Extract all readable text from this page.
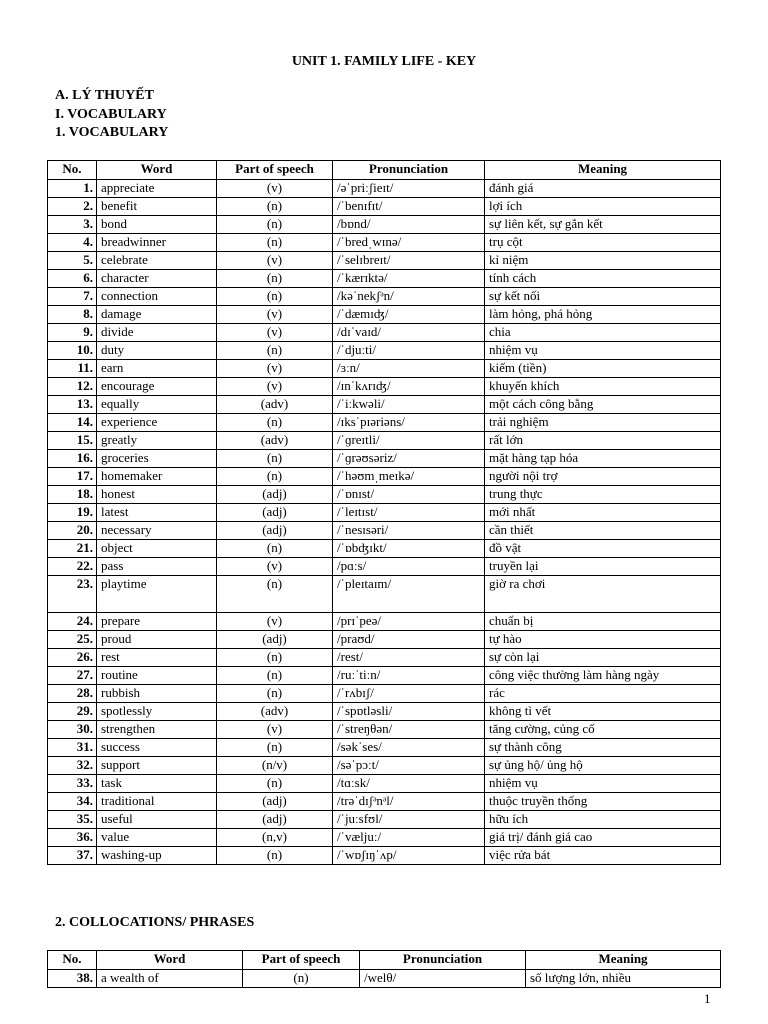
UNIT 1. FAMILY LIFE - KEY
A. LÝ THUYẾT
I. VOCABULARY
1. VOCABULARY
No.	Word	Part of speech	Pronunciation	Meaning
1.	appreciate	(v)	/əˈpriːʃieɪt/	đánh giá
2.	benefit	(n)	/ˈbenɪfɪt/	lợi ích
3.	bond	(n)	/bɒnd/	sự liên kết, sự gắn kết
4.	breadwinner	(n)	/ˈbredˌwɪnə/	trụ cột
5.	celebrate	(v)	/ˈselɪbreɪt/	kỉ niệm
6.	character	(n)	/ˈkærɪktə/	tính cách
7.	connection	(n)	/kəˈnekʃᵊn/	sự kết nối
8.	damage	(v)	/ˈdæmɪʤ/	làm hỏng, phá hỏng
9.	divide	(v)	/dɪˈvaɪd/	chia
10.	duty	(n)	/ˈdjuːti/	nhiệm vụ
11.	earn	(v)	/ɜːn/	kiếm (tiền)
12.	encourage	(v)	/ɪnˈkʌrɪʤ/	khuyến khích
13.	equally	(adv)	/ˈiːkwəli/	một cách công bằng
14.	experience	(n)	/ɪksˈpɪəriəns/	trải nghiệm
15.	greatly	(adv)	/ˈɡreɪtli/	rất lớn
16.	groceries	(n)	/ˈɡrəʊsəriz/	mặt hàng tạp hóa
17.	homemaker	(n)	/ˈhəʊmˌmeɪkə/	người nội trợ
18.	honest	(adj)	/ˈɒnɪst/	trung thực
19.	latest	(adj)	/ˈleɪtɪst/	mới nhất
20.	necessary	(adj)	/ˈnesɪsəri/	cần thiết
21.	object	(n)	/ˈɒbʤɪkt/	đồ vật
22.	pass	(v)	/pɑːs/	truyền lại
23.	playtime	(n)	/ˈpleɪtaɪm/	giờ ra chơi
24.	prepare	(v)	/prɪˈpeə/	chuẩn bị
25.	proud	(adj)	/praʊd/	tự hào
26.	rest	(n)	/rest/	sự còn lại
27.	routine	(n)	/ruːˈtiːn/	công việc thường làm hàng ngày
28.	rubbish	(n)	/ˈrʌbɪʃ/	rác
29.	spotlessly	(adv)	/ˈspɒtləsli/	không tì vết
30.	strengthen	(v)	/ˈstreŋθən/	tăng cường, củng cố
31.	success	(n)	/səkˈses/	sự thành công
32.	support	(n/v)	/səˈpɔːt/	sự ủng hộ/ ủng hộ
33.	task	(n)	/tɑːsk/	nhiệm vụ
34.	traditional	(adj)	/trəˈdɪʃᵊnᵊl/	thuộc truyền thống
35.	useful	(adj)	/ˈjuːsfʊl/	hữu ích
36.	value	(n,v)	/ˈvæljuː/	giá trị/ đánh giá cao
37.	washing-up	(n)	/ˈwɒʃɪŋˈʌp/	việc rửa bát
2. COLLOCATIONS/ PHRASES
No.	Word	Part of speech	Pronunciation	Meaning
38.	a wealth of	(n)	/welθ/	số lượng lớn, nhiều
1
